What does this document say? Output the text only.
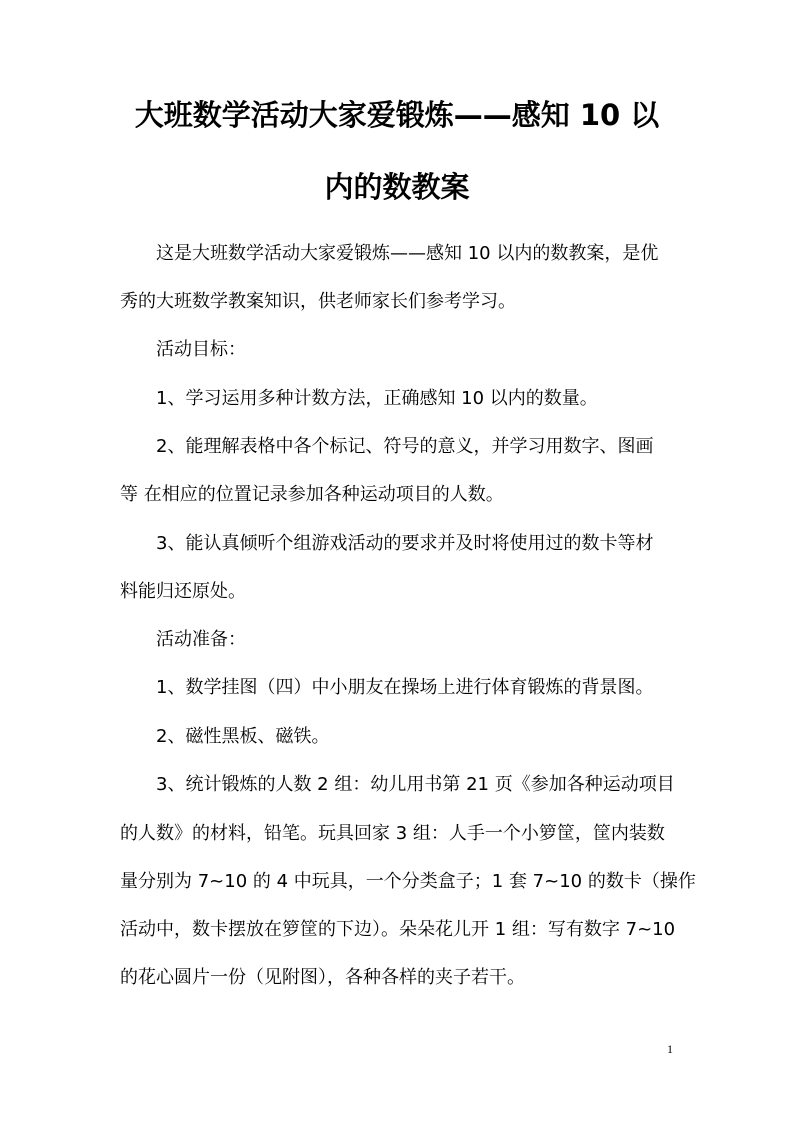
大班数学活动大家爱锻炼——感知 10 以
内的数教案

这是大班数学活动大家爱锻炼——感知 10 以内的数教案，是优

秀的大班数学教案知识，供老师家长们参考学习。

活动目标：

1、学习运用多种计数方法，正确感知 10 以内的数量。

2、能理解表格中各个标记、符号的意义，并学习用数字、图画

等 在相应的位置记录参加各种运动项目的人数。

3、能认真倾听个组游戏活动的要求并及时将使用过的数卡等材

料能归还原处。

活动准备：

1、数学挂图（四）中小朋友在操场上进行体育锻炼的背景图。

2、磁性黑板、磁铁。

3、统计锻炼的人数 2 组：幼儿用书第 21 页《参加各种运动项目

的人数》的材料，铅笔。玩具回家 3 组：人手一个小箩筐，筐内装数

量分别为 7~10 的 4 中玩具，一个分类盒子；1 套 7~10 的数卡（操作

活动中，数卡摆放在箩筐的下边）。朵朵花儿开 1 组：写有数字 7~10

的花心圆片一份（见附图），各种各样的夹子若干。

1
